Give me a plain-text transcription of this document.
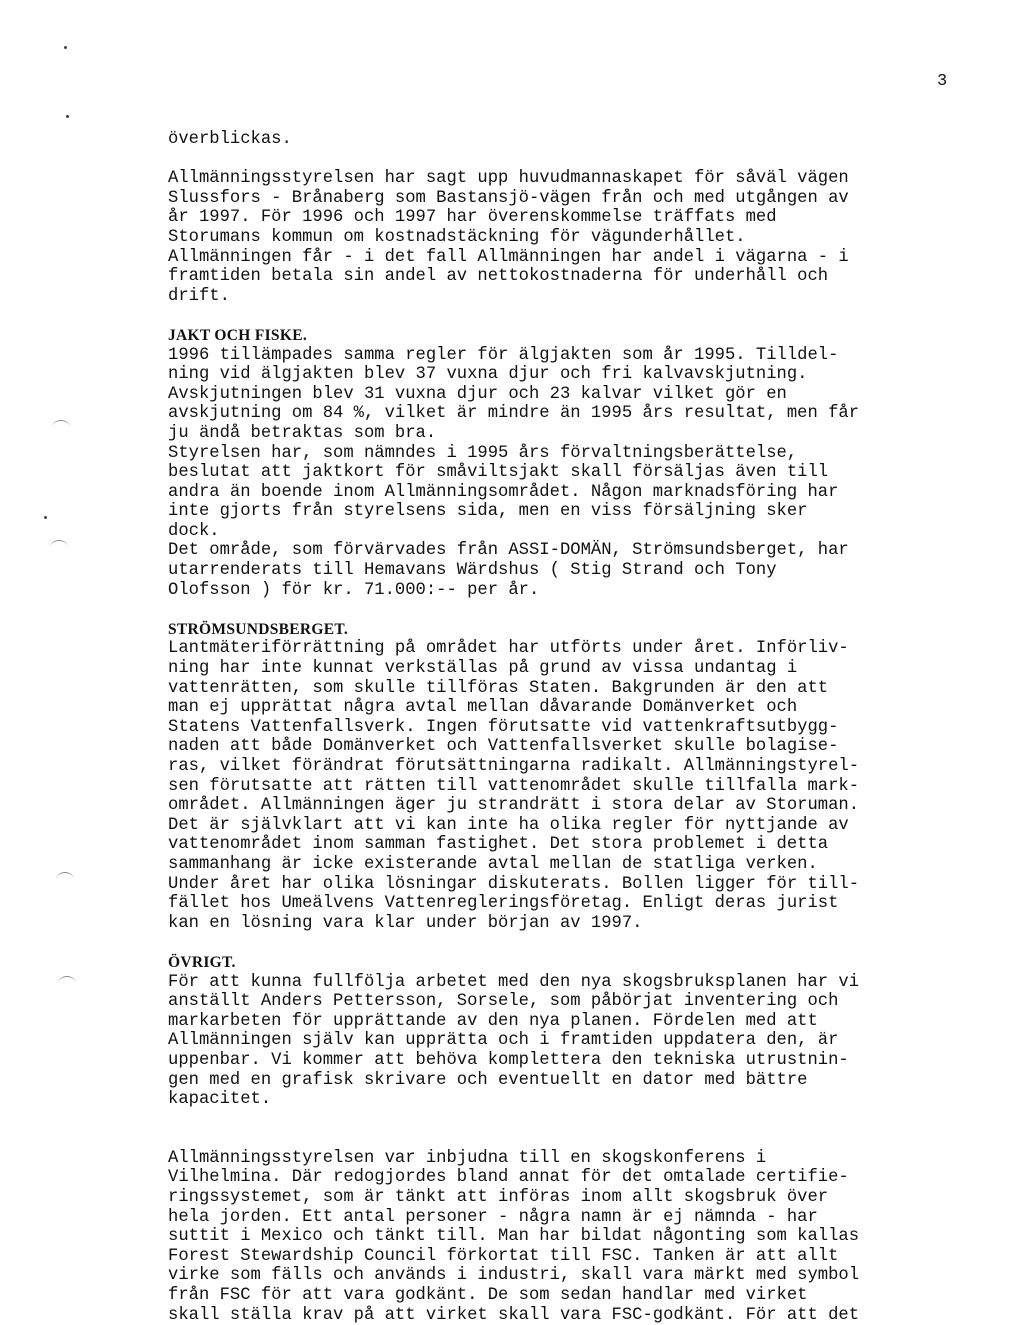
3
överblickas.
Allmänningsstyrelsen har sagt upp huvudmannaskapet för såväl vägen
Slussfors - Brånaberg som Bastansjö-vägen från och med utgången av
år 1997. För 1996 och 1997 har överenskommelse träffats med
Storumans kommun om kostnadstäckning för vägunderhållet.
Allmänningen får - i det fall Allmänningen har andel i vägarna - i
framtiden betala sin andel av nettokostnaderna för underhåll och
drift.
JAKT OCH FISKE.
1996 tillämpades samma regler för älgjakten som år 1995. Tilldel-
ning vid älgjakten blev 37 vuxna djur och fri kalvavskjutning.
Avskjutningen blev 31 vuxna djur och 23 kalvar vilket gör en
avskjutning om 84 %, vilket är mindre än 1995 års resultat, men får
ju ändå betraktas som bra.
Styrelsen har, som nämndes i 1995 års förvaltningsberättelse,
beslutat att jaktkort för småviltsjakt skall försäljas även till
andra än boende inom Allmänningsområdet. Någon marknadsföring har
inte gjorts från styrelsens sida, men en viss försäljning sker
dock.
Det område, som förvärvades från ASSI-DOMÄN, Strömsundsberget, har
utarrenderats till Hemavans Wärdshus ( Stig Strand och Tony
Olofsson ) för kr. 71.000:-- per år.
STRÖMSUNDSBERGET.
Lantmäteriförrättning på området har utförts under året. Införliv-
ning har inte kunnat verkställas på grund av vissa undantag i
vattenrätten, som skulle tillföras Staten. Bakgrunden är den att
man ej upprättat några avtal mellan dåvarande Domänverket och
Statens Vattenfallsverk. Ingen förutsatte vid vattenkraftsutbygg-
naden att både Domänverket och Vattenfallsverket skulle bolagise-
ras, vilket förändrat förutsättningarna radikalt. Allmänningstyrel-
sen förutsatte att rätten till vattenområdet skulle tillfalla mark-
området. Allmänningen äger ju strandrätt i stora delar av Storuman.
Det är självklart att vi kan inte ha olika regler för nyttjande av
vattenområdet inom samman fastighet. Det stora problemet i detta
sammanhang är icke existerande avtal mellan de statliga verken.
Under året har olika lösningar diskuterats. Bollen ligger för till-
fället hos Umeälvens Vattenregleringsföretag. Enligt deras jurist
kan en lösning vara klar under början av 1997.
ÖVRIGT.
För att kunna fullfölja arbetet med den nya skogsbruksplanen har vi
anställt Anders Pettersson, Sorsele, som påbörjat inventering och
markarbeten för upprättande av den nya planen. Fördelen med att
Allmänningen själv kan upprätta och i framtiden uppdatera den, är
uppenbar. Vi kommer att behöva komplettera den tekniska utrustnin-
gen med en grafisk skrivare och eventuellt en dator med bättre
kapacitet.
Allmänningsstyrelsen var inbjudna till en skogskonferens i
Vilhelmina. Där redogjordes bland annat för det omtalade certifie-
ringssystemet, som är tänkt att införas inom allt skogsbruk över
hela jorden. Ett antal personer - några namn är ej nämnda - har
suttit i Mexico och tänkt till. Man har bildat någonting som kallas
Forest Stewardship Council förkortat till FSC. Tanken är att allt
virke som fälls och används i industri, skall vara märkt med symbol
från FSC för att vara godkänt. De som sedan handlar med virket
skall ställa krav på att virket skall vara FSC-godkänt. För att det
